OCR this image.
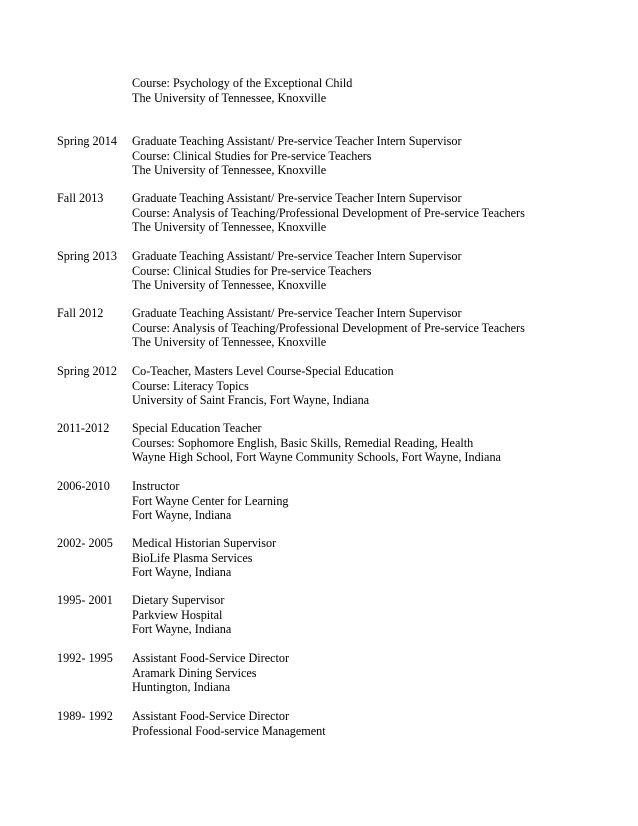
Course: Psychology of the Exceptional Child
The University of Tennessee, Knoxville
Spring 2014 Graduate Teaching Assistant/ Pre-service Teacher Intern Supervisor
Course: Clinical Studies for Pre-service Teachers
The University of Tennessee, Knoxville
Fall 2013 Graduate Teaching Assistant/ Pre-service Teacher Intern Supervisor
Course: Analysis of Teaching/Professional Development of Pre-service Teachers
The University of Tennessee, Knoxville
Spring 2013 Graduate Teaching Assistant/ Pre-service Teacher Intern Supervisor
Course: Clinical Studies for Pre-service Teachers
The University of Tennessee, Knoxville
Fall 2012 Graduate Teaching Assistant/ Pre-service Teacher Intern Supervisor
Course: Analysis of Teaching/Professional Development of Pre-service Teachers
The University of Tennessee, Knoxville
Spring 2012 Co-Teacher, Masters Level Course-Special Education
Course: Literacy Topics
University of Saint Francis, Fort Wayne, Indiana
2011-2012 Special Education Teacher
Courses: Sophomore English, Basic Skills, Remedial Reading, Health
Wayne High School, Fort Wayne Community Schools, Fort Wayne, Indiana
2006-2010 Instructor
Fort Wayne Center for Learning
Fort Wayne, Indiana
2002- 2005 Medical Historian Supervisor
BioLife Plasma Services
Fort Wayne, Indiana
1995- 2001 Dietary Supervisor
Parkview Hospital
Fort Wayne, Indiana
1992- 1995 Assistant Food-Service Director
Aramark Dining Services
Huntington, Indiana
1989- 1992 Assistant Food-Service Director
Professional Food-service Management
